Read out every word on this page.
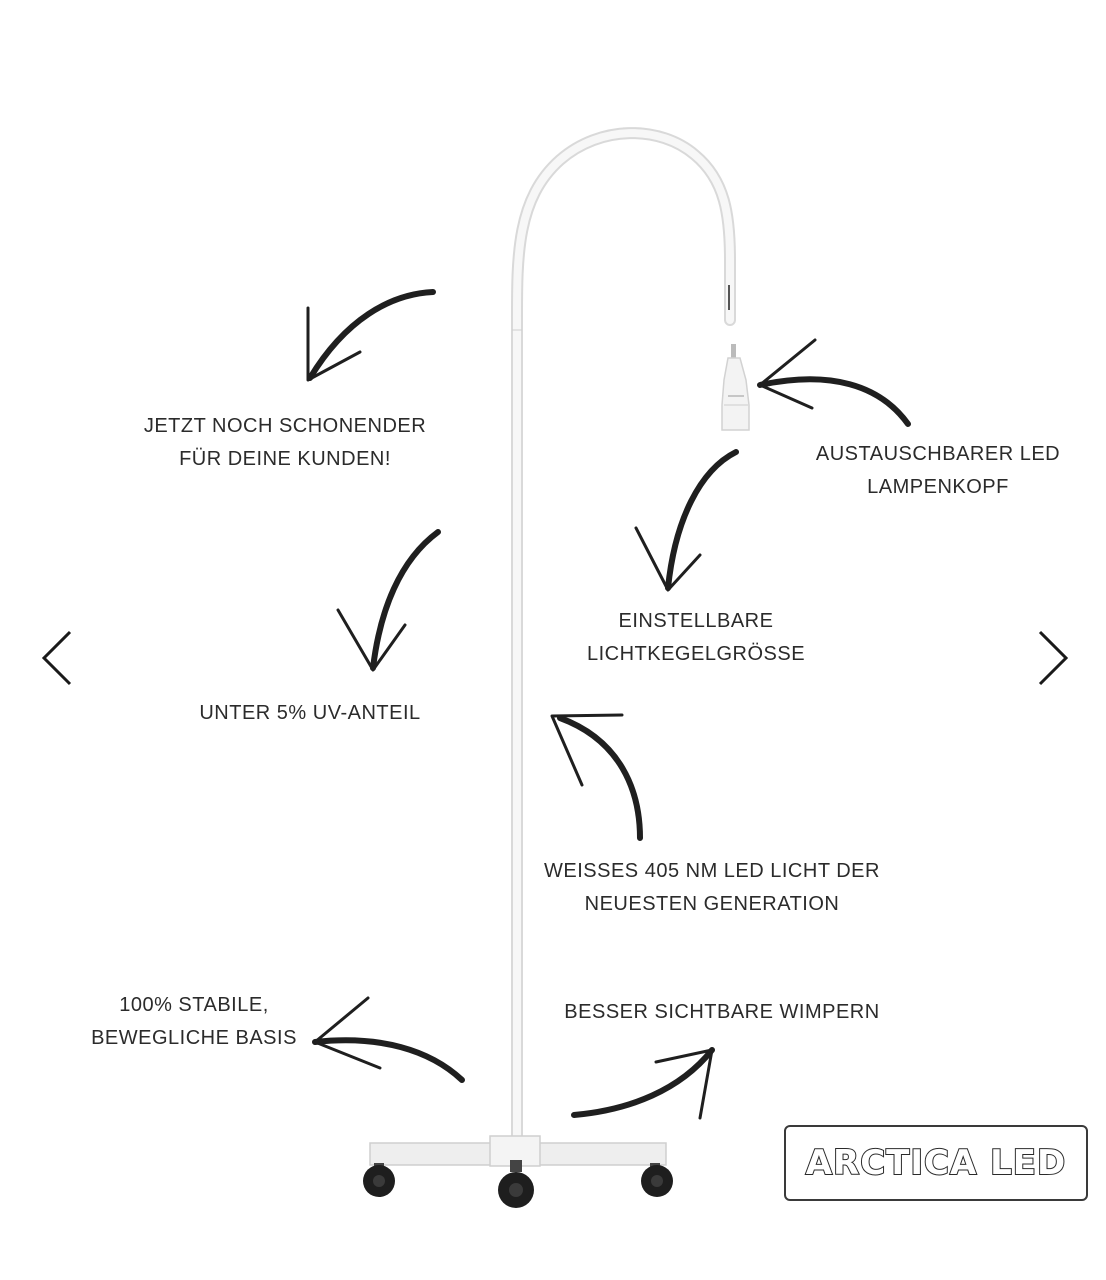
JETZT NOCH SCHONENDER
FÜR DEINE KUNDEN!
UNTER 5% UV-ANTEIL
100% STABILE,
BEWEGLICHE BASIS
AUSTAUSCHBARER LED
LAMPENKOPF
EINSTELLBARE
LICHTKEGELGRÖSSE
WEISSES 405 NM LED LICHT DER
NEUESTEN GENERATION
BESSER SICHTBARE WIMPERN
ARCTICA LED
